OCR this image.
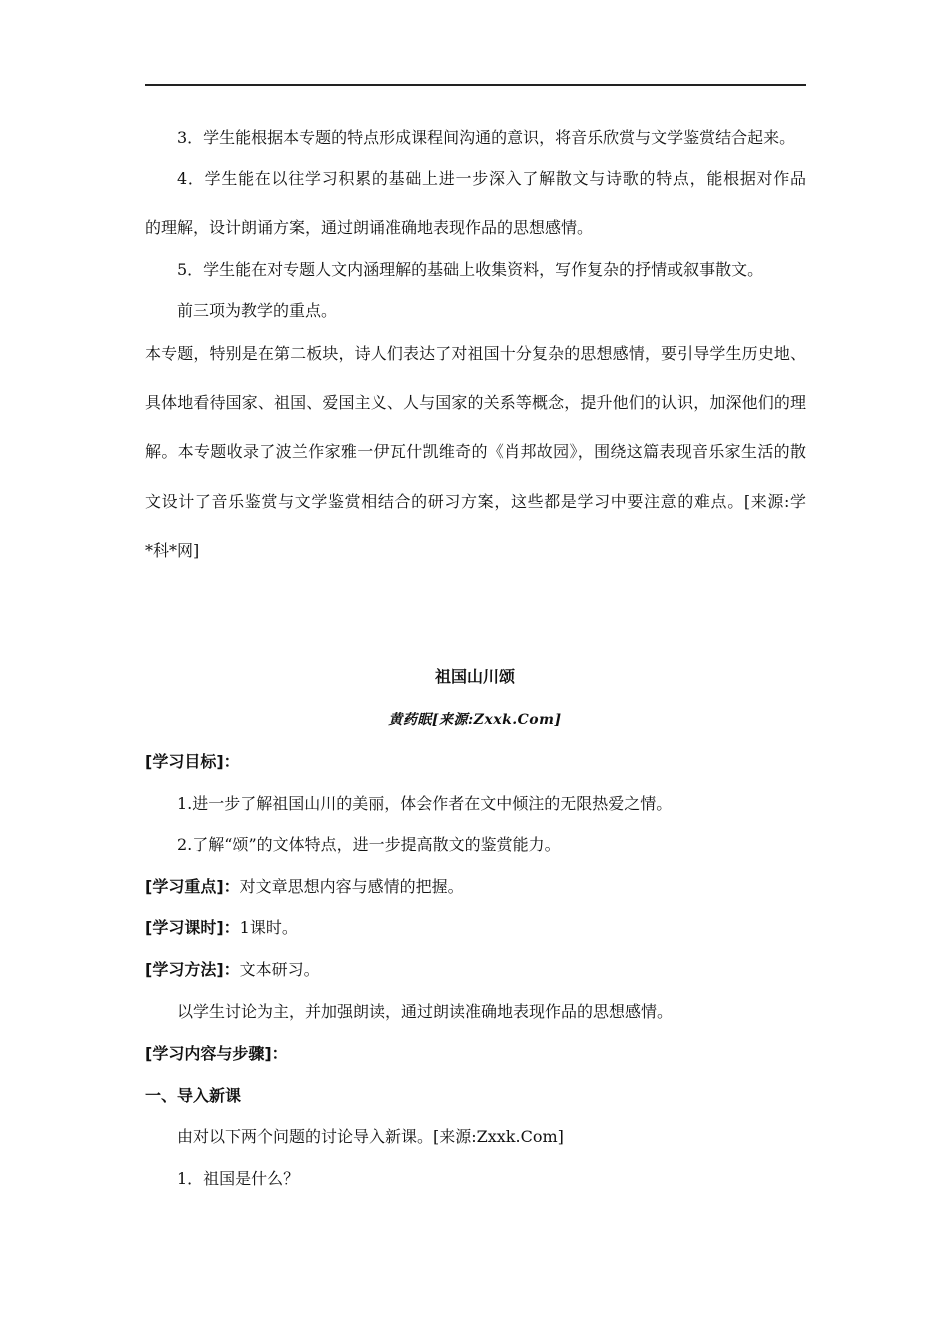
3．学生能根据本专题的特点形成课程间沟通的意识，将音乐欣赏与文学鉴赏结合起来。
4．学生能在以往学习积累的基础上进一步深入了解散文与诗歌的特点，能根据对作品
的理解，设计朗诵方案，通过朗诵准确地表现作品的思想感情。
5．学生能在对专题人文内涵理解的基础上收集资料，写作复杂的抒情或叙事散文。
前三项为教学的重点。
本专题，特别是在第二板块，诗人们表达了对祖国十分复杂的思想感情，要引导学生历史地、
具体地看待国家、祖国、爱国主义、人与国家的关系等概念，提升他们的认识，加深他们的理
解。本专题收录了波兰作家雅一伊瓦什凯维奇的《肖邦故园》，围绕这篇表现音乐家生活的散
文设计了音乐鉴赏与文学鉴赏相结合的研习方案，这些都是学习中要注意的难点。[来源:学
*科*网]
祖国山川颂
黄药眠[来源:Zxxk.Com]
[学习目标]：
1.进一步了解祖国山川的美丽，体会作者在文中倾注的无限热爱之情。
2.了解“颂”的文体特点，进一步提高散文的鉴赏能力。
[学习重点]：对文章思想内容与感情的把握。
[学习课时]：1课时。
[学习方法]：文本研习。
以学生讨论为主，并加强朗读，通过朗读准确地表现作品的思想感情。
[学习内容与步骤]：
一、导入新课
由对以下两个问题的讨论导入新课。[来源:Zxxk.Com]
1．祖国是什么？
